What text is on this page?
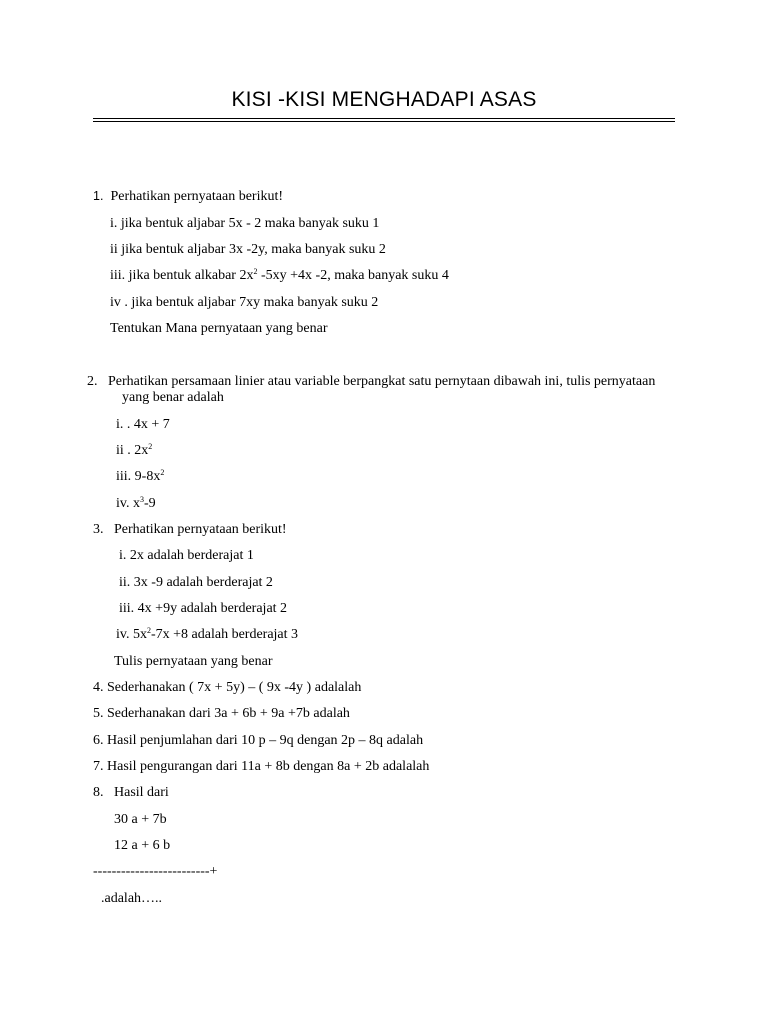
KISI -KISI MENGHADAPI ASAS
1. Perhatikan pernyataan berikut!
i. jika bentuk aljabar 5x - 2 maka banyak suku 1
ii jika bentuk aljabar 3x -2y, maka banyak suku 2
iii. jika bentuk alkabar $2x^2$ -5xy +4x -2, maka banyak suku 4
iv . jika bentuk aljabar 7xy maka banyak suku 2
Tentukan Mana pernyataan yang benar
2. Perhatikan persamaan linier atau variable berpangkat satu pernytaan dibawah ini, tulis pernyataan
yang benar adalah
i. . 4x + 7
ii . $2x^2$
iii. $9-8x^2$
iv. $x^3-9$
3. Perhatikan pernyataan berikut!
i. 2x adalah berderajat 1
ii. 3x -9 adalah berderajat 2
iii. 4x +9y adalah berderajat 2
iv. $5x^2-7x +8$ adalah berderajat 3
Tulis pernyataan yang benar
4. Sederhanakan ( 7x + 5y) – ( 9x -4y ) adalalah
5. Sederhanakan dari 3a + 6b + 9a +7b adalah
6. Hasil penjumlahan dari 10 p – 9q dengan 2p – 8q adalah
7. Hasil pengurangan dari 11a + 8b dengan 8a + 2b adalalah
8. Hasil dari
30 a + 7b
12 a + 6 b
-------------------------+
.adalah…..
